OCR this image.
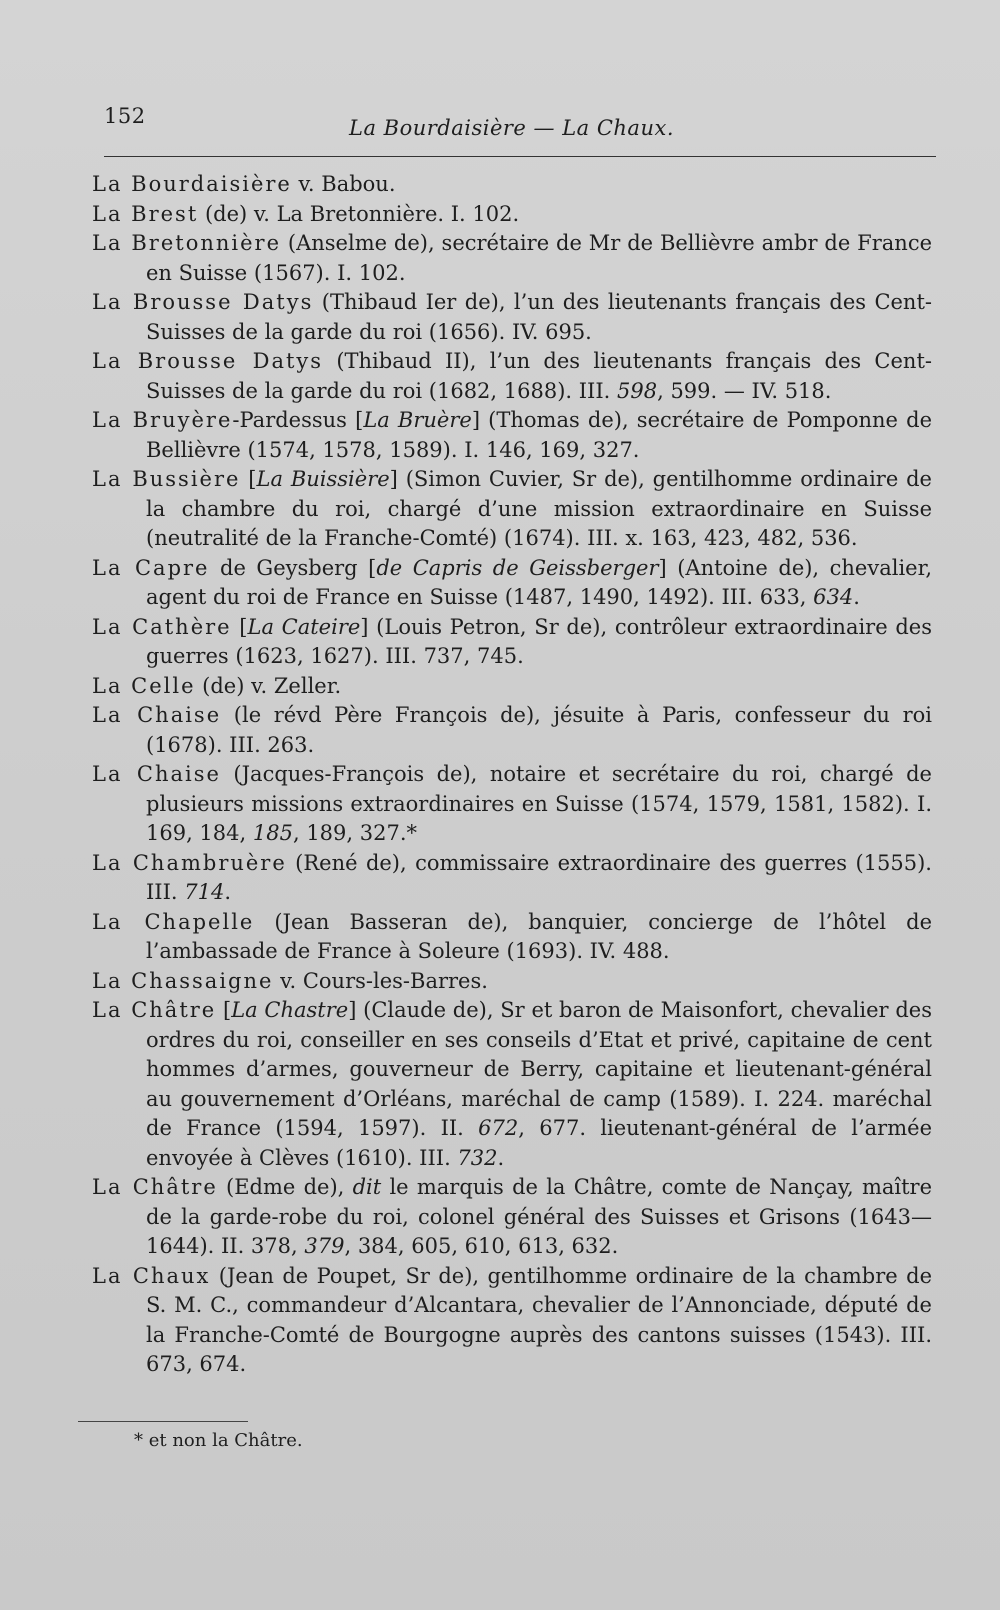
152	La Bourdaisière — La Chaux.

La Bourdaisière v. Babou.

La Brest (de) v. La Bretonnière. I. 102.

La Bretonnière (Anselme de), secrétaire de Mr de Bellièvre ambr de France en Suisse (1567). I. 102.

La Brousse Datys (Thibaud Ier de), l’un des lieutenants français des Cent-Suisses de la garde du roi (1656). IV. 695.

La Brousse Datys (Thibaud II), l’un des lieutenants français des Cent-Suisses de la garde du roi (1682, 1688). III. 598, 599. — IV. 518.

La Bruyère-Pardessus [La Bruère] (Thomas de), secrétaire de Pomponne de Bellièvre (1574, 1578, 1589). I. 146, 169, 327.

La Bussière [La Buissière] (Simon Cuvier, Sr de), gentilhomme ordinaire de la chambre du roi, chargé d’une mission extraordinaire en Suisse (neutralité de la Franche-Comté) (1674). III. x. 163, 423, 482, 536.

La Capre de Geysberg [de Capris de Geissberger] (Antoine de), chevalier, agent du roi de France en Suisse (1487, 1490, 1492). III. 633, 634.

La Cathère [La Cateire] (Louis Petron, Sr de), contrôleur extraordinaire des guerres (1623, 1627). III. 737, 745.

La Celle (de) v. Zeller.

La Chaise (le révd Père François de), jésuite à Paris, confesseur du roi (1678). III. 263.

La Chaise (Jacques-François de), notaire et secrétaire du roi, chargé de plusieurs missions extraordinaires en Suisse (1574, 1579, 1581, 1582). I. 169, 184, 185, 189, 327.*

La Chambruère (René de), commissaire extraordinaire des guerres (1555). III. 714.

La Chapelle (Jean Basseran de), banquier, concierge de l’hôtel de l’ambassade de France à Soleure (1693). IV. 488.

La Chassaigne v. Cours-les-Barres.

La Châtre [La Chastre] (Claude de), Sr et baron de Maisonfort, chevalier des ordres du roi, conseiller en ses conseils d’Etat et privé, capitaine de cent hommes d’armes, gouverneur de Berry, capitaine et lieutenant-général au gouvernement d’Orléans, maréchal de camp (1589). I. 224. maréchal de France (1594, 1597). II. 672, 677. lieutenant-général de l’armée envoyée à Clèves (1610). III. 732.

La Châtre (Edme de), dit le marquis de la Châtre, comte de Nançay, maître de la garde-robe du roi, colonel général des Suisses et Grisons (1643—1644). II. 378, 379, 384, 605, 610, 613, 632.

La Chaux (Jean de Poupet, Sr de), gentilhomme ordinaire de la chambre de S. M. C., commandeur d’Alcantara, chevalier de l’Annonciade, député de la Franche-Comté de Bourgogne auprès des cantons suisses (1543). III. 673, 674.

* et non la Châtre.
